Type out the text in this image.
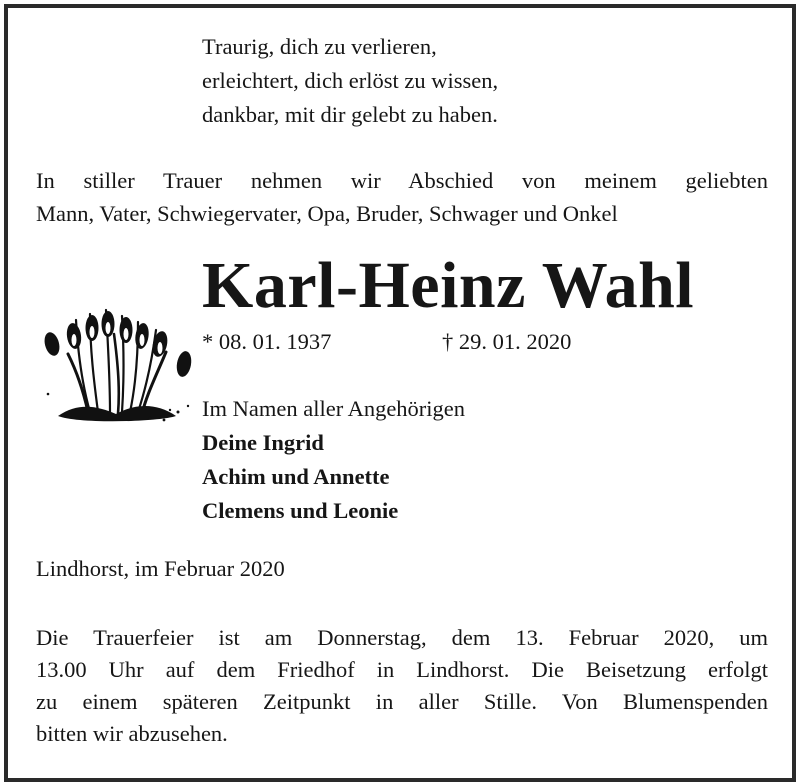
Traurig, dich zu verlieren,
erleichtert, dich erlöst zu wissen,
dankbar, mit dir gelebt zu haben.
In stiller Trauer nehmen wir Abschied von meinem geliebten
Mann, Vater, Schwiegervater, Opa, Bruder, Schwager und Onkel
Karl-Heinz Wahl
* 08. 01. 1937	† 29. 01. 2020
Im Namen aller Angehörigen
Deine Ingrid
Achim und Annette
Clemens und Leonie
Lindhorst, im Februar 2020
Die Trauerfeier ist am Donnerstag, dem 13. Februar 2020, um
13.00 Uhr auf dem Friedhof in Lindhorst. Die Beisetzung erfolgt
zu einem späteren Zeitpunkt in aller Stille. Von Blumenspenden
bitten wir abzusehen.
